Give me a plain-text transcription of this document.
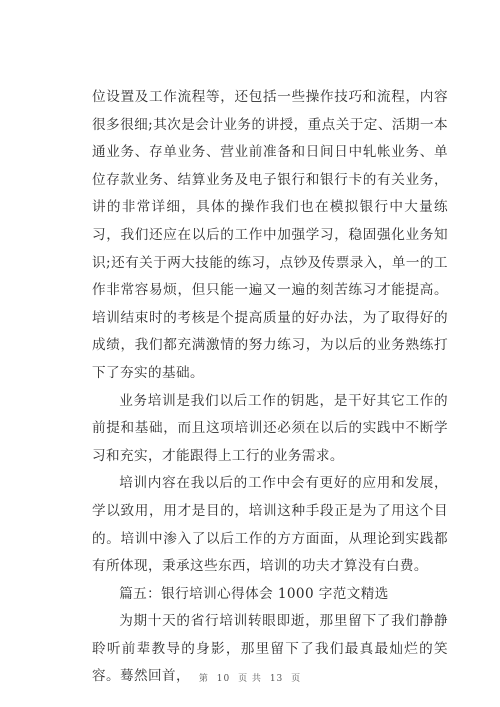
位设置及工作流程等，还包括一些操作技巧和流程，内容很多很细;其次是会计业务的讲授，重点关于定、活期一本通业务、存单业务、营业前准备和日间日中轧帐业务、单位存款业务、结算业务及电子银行和银行卡的有关业务，讲的非常详细，具体的操作我们也在模拟银行中大量练习，我们还应在以后的工作中加强学习，稳固强化业务知识;还有关于两大技能的练习，点钞及传票录入，单一的工作非常容易烦，但只能一遍又一遍的刻苦练习才能提高。培训结束时的考核是个提高质量的好办法，为了取得好的成绩，我们都充满激情的努力练习，为以后的业务熟练打下了夯实的基础。

业务培训是我们以后工作的钥匙，是干好其它工作的前提和基础，而且这项培训还必须在以后的实践中不断学习和充实，才能跟得上工行的业务需求。

培训内容在我以后的工作中会有更好的应用和发展，学以致用，用才是目的，培训这种手段正是为了用这个目的。培训中渗入了以后工作的方方面面，从理论到实践都有所体现，秉承这些东西，培训的功夫才算没有白费。

篇五：银行培训心得体会 1000 字范文精选

为期十天的省行培训转眼即逝，那里留下了我们静静聆听前辈教导的身影，那里留下了我们最真最灿烂的笑容。蓦然回首， 第 10 页 共 13 页
